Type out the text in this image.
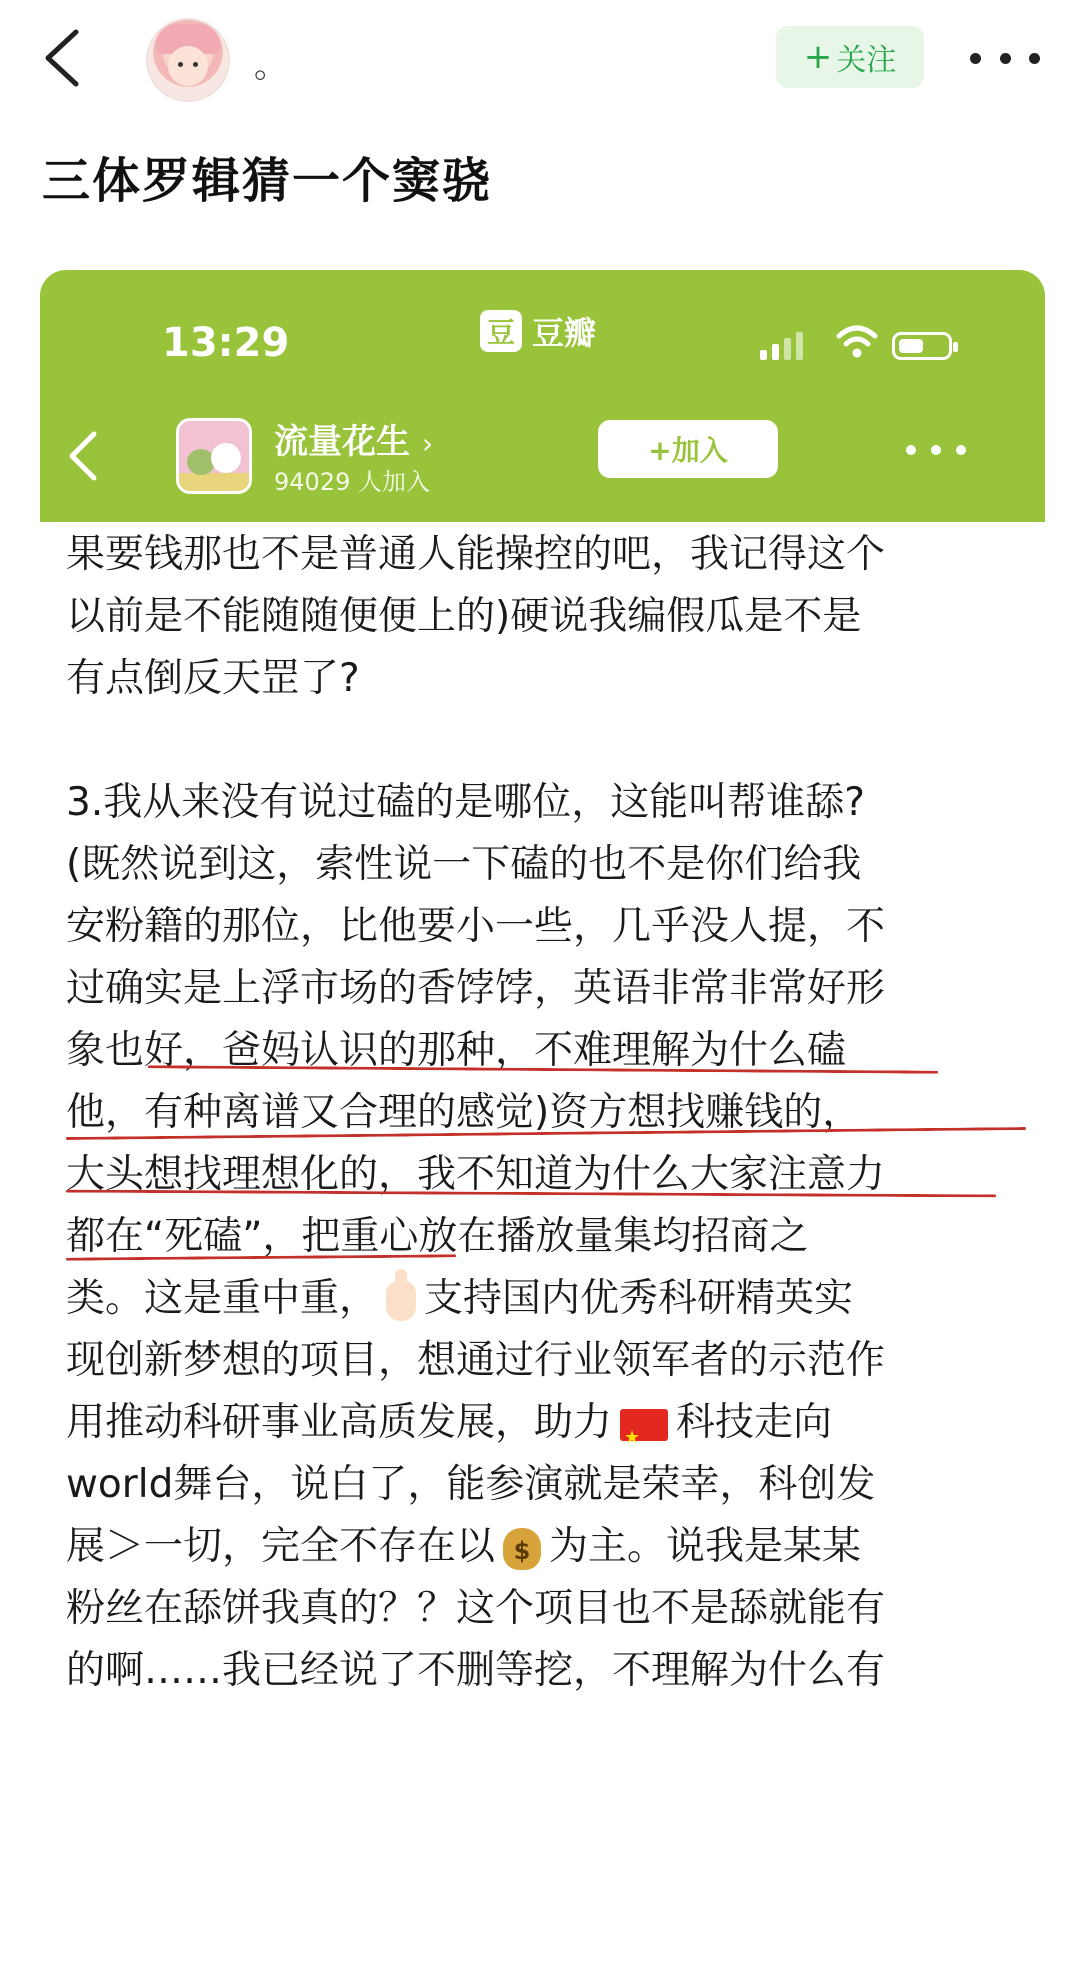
。	+ 关注
三体罗辑猜一个窦骁
13:29	豆 豆瓣
流量花生 ›
94029 人加入
+加入

果要钱那也不是普通人能操控的吧，我记得这个

以前是不能随随便便上的)硬说我编假瓜是不是

有点倒反天罡了?

3.我从来没有说过磕的是哪位，这能叫帮谁舔?

(既然说到这，索性说一下磕的也不是你们给我

安粉籍的那位，比他要小一些，几乎没人提，不

过确实是上浮市场的香饽饽，英语非常非常好形

象也好，爸妈认识的那种，不难理解为什么磕

他，有种离谱又合理的感觉)资方想找赚钱的，

大头想找理想化的，我不知道为什么大家注意力

都在“死磕”，把重心放在播放量集均招商之

类。这是重中重， 支持国内优秀科研精英实

现创新梦想的项目，想通过行业领军者的示范作

用推动科研事业高质发展，助力★ 科技走向

world舞台，说白了，能参演就是荣幸，科创发

展＞一切，完全不存在以 $ 为主。说我是某某

粉丝在舔饼我真的？？这个项目也不是舔就能有

的啊……我已经说了不删等挖，不理解为什么有
